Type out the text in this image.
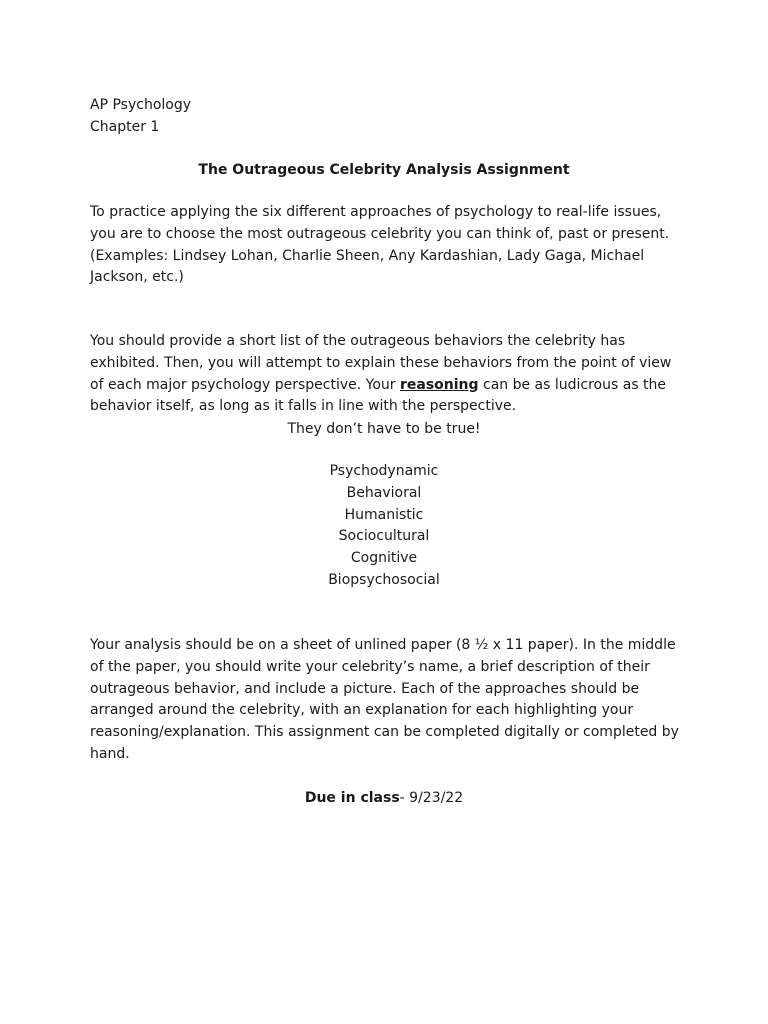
AP Psychology
Chapter 1
The Outrageous Celebrity Analysis Assignment
To practice applying the six different approaches of psychology to real-life issues,
you are to choose the most outrageous celebrity you can think of, past or present.
(Examples: Lindsey Lohan, Charlie Sheen, Any Kardashian, Lady Gaga, Michael
Jackson, etc.)
You should provide a short list of the outrageous behaviors the celebrity has
exhibited. Then, you will attempt to explain these behaviors from the point of view
of each major psychology perspective. Your reasoning can be as ludicrous as the
behavior itself, as long as it falls in line with the perspective.
They don’t have to be true!
Psychodynamic
Behavioral
Humanistic
Sociocultural
Cognitive
Biopsychosocial
Your analysis should be on a sheet of unlined paper (8 ½ x 11 paper). In the middle
of the paper, you should write your celebrity’s name, a brief description of their
outrageous behavior, and include a picture. Each of the approaches should be
arranged around the celebrity, with an explanation for each highlighting your
reasoning/explanation. This assignment can be completed digitally or completed by
hand.
Due in class- 9/23/22
